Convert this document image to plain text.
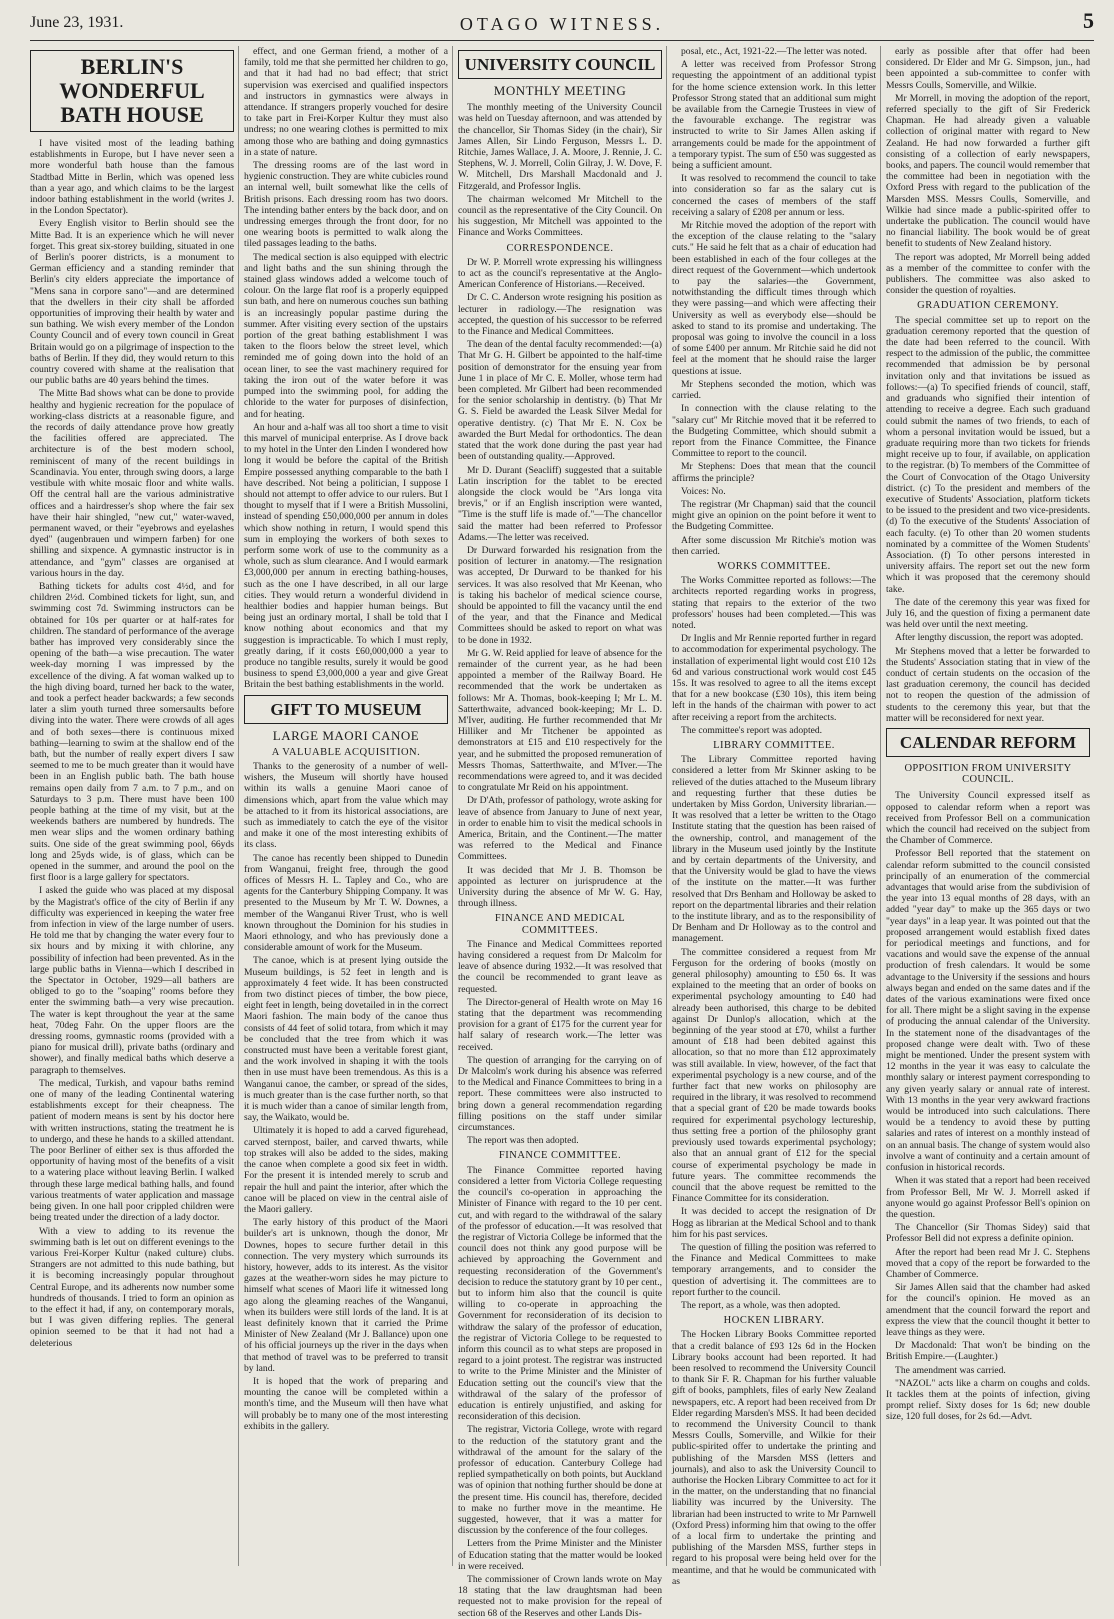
June 23, 1931.	OTAGO WITNESS.	5
BERLIN'S WONDERFUL BATH HOUSE

I have visited most of the leading bathing establishments in Europe, but I have never seen a more wonderful bath house than the famous Stadtbad Mitte in Berlin, which was opened less than a year ago, and which claims to be the largest indoor bathing establishment in the world (writes J. in the London Spectator).

Every English visitor to Berlin should see the Mitte Bad. It is an experience which he will never forget. This great six-storey building, situated in one of Berlin's poorer districts, is a monument to German efficiency and a standing reminder that Berlin's city elders appreciate the importance of "Mens sana in corpore sano"—and are determined that the dwellers in their city shall be afforded opportunities of improving their health by water and sun bathing. We wish every member of the London County Council and of every town council in Great Britain would go on a pilgrimage of inspection to the baths of Berlin. If they did, they would return to this country covered with shame at the realisation that our public baths are 40 years behind the times.

The Mitte Bad shows what can be done to provide healthy and hygienic recreation for the populace of working-class districts at a reasonable figure, and the records of daily attendance prove how greatly the facilities offered are appreciated. The architecture is of the best modern school, reminiscent of many of the recent buildings in Scandinavia. You enter, through swing doors, a large vestibule with white mosaic floor and white walls. Off the central hall are the various administrative offices and a hairdresser's shop where the fair sex have their hair shingled, "new cut," water-waved, permanent waved, or their "eyebrows and eyelashes dyed" (augenbrauen und wimpern farben) for one shilling and sixpence. A gymnastic instructor is in attendance, and "gym" classes are organised at various hours in the day.

Bathing tickets for adults cost 4½d, and for children 2½d. Combined tickets for light, sun, and swimming cost 7d. Swimming instructors can be obtained for 10s per quarter or at half-rates for children. The standard of performance of the average bather has improved very considerably since the opening of the bath—a wise precaution. The water week-day morning I was impressed by the excellence of the diving. A fat woman walked up to the high diving board, turned her back to the water, and took a perfect header backwards; a few seconds later a slim youth turned three somersaults before diving into the water. There were crowds of all ages and of both sexes—there is continuous mixed bathing—learning to swim at the shallow end of the bath, but the number of really expert divers I saw seemed to me to be much greater than it would have been in an English public bath. The bath house remains open daily from 7 a.m. to 7 p.m., and on Saturdays to 3 p.m. There must have been 100 people bathing at the time of my visit, but at the weekends bathers are numbered by hundreds. The men wear slips and the women ordinary bathing suits. One side of the great swimming pool, 66yds long and 25yds wide, is of glass, which can be opened in the summer, and around the pool on the first floor is a large gallery for spectators.

I asked the guide who was placed at my disposal by the Magistrat's office of the city of Berlin if any difficulty was experienced in keeping the water free from infection in view of the large number of users. He told me that by changing the water every four to six hours and by mixing it with chlorine, any possibility of infection had been prevented. As in the large public baths in Vienna—which I described in the Spectator in October, 1929—all bathers are obliged to go to the "soaping" rooms before they enter the swimming bath—a very wise precaution. The water is kept throughout the year at the same heat, 70deg Fahr. On the upper floors are the dressing rooms, gymnastic rooms (provided with a piano for musical drill), private baths (ordinary and shower), and finally medical baths which deserve a paragraph to themselves.

The medical, Turkish, and vapour baths remind one of many of the leading Continental watering establishments except for their cheapness. The patient of modern means is sent by his doctor here with written instructions, stating the treatment he is to undergo, and these he hands to a skilled attendant. The poor Berliner of either sex is thus afforded the opportunity of having most of the benefits of a visit to a watering place without leaving Berlin. I walked through these large medical bathing halls, and found various treatments of water application and massage being given. In one hall poor crippled children were being treated under the direction of a lady doctor.

With a view to adding to its revenue the swimming bath is let out on different evenings to the various Frei-Korper Kultur (naked culture) clubs. Strangers are not admitted to this nude bathing, but it is becoming increasingly popular throughout Central Europe, and its adherents now number some hundreds of thousands. I tried to form an opinion as to the effect it had, if any, on contemporary morals, but I was given differing replies. The general opinion seemed to be that it had not had a deleterious

effect, and one German friend, a mother of a family, told me that she permitted her children to go, and that it had had no bad effect; that strict supervision was exercised and qualified inspectors and instructors in gymnastics were always in attendance. If strangers properly vouched for desire to take part in Frei-Korper Kultur they must also undress; no one wearing clothes is permitted to mix among those who are bathing and doing gymnastics in a state of nature.

The dressing rooms are of the last word in hygienic construction. They are white cubicles round an internal well, built somewhat like the cells of British prisons. Each dressing room has two doors. The intending bather enters by the back door, and on undressing emerges through the front door, for no one wearing boots is permitted to walk along the tiled passages leading to the baths.

The medical section is also equipped with electric and light baths and the sun shining through the stained glass windows added a welcome touch of colour. On the large flat roof is a properly equipped sun bath, and here on numerous couches sun bathing is an increasingly popular pastime during the summer. After visiting every section of the upstairs portion of the great bathing establishment I was taken to the floors below the street level, which reminded me of going down into the hold of an ocean liner, to see the vast machinery required for taking the iron out of the water before it was pumped into the swimming pool, for adding the chloride to the water for purposes of disinfection, and for heating.

An hour and a-half was all too short a time to visit this marvel of municipal enterprise. As I drove back to my hotel in the Unter den Linden I wondered how long it would be before the capital of the British Empire possessed anything comparable to the bath I have described. Not being a politician, I suppose I should not attempt to offer advice to our rulers. But I thought to myself that if I were a British Mussolini, instead of spending £50,000,000 per annum in doles which show nothing in return, I would spend this sum in employing the workers of both sexes to perform some work of use to the community as a whole, such as slum clearance. And I would earmark £3,000,000 per annum in erecting bathing-houses, such as the one I have described, in all our large cities. They would return a wonderful dividend in healthier bodies and happier human beings. But being just an ordinary mortal, I shall be told that I know nothing about economics and that my suggestion is impracticable. To which I must reply, greatly daring, if it costs £60,000,000 a year to produce no tangible results, surely it would be good business to spend £3,000,000 a year and give Great Britain the best bathing establishments in the world.

GIFT TO MUSEUM
LARGE MAORI CANOE
A VALUABLE ACQUISITION.

Thanks to the generosity of a number of well-wishers, the Museum will shortly have housed within its walls a genuine Maori canoe of dimensions which, apart from the value which may be attached to it from its historical associations, are such as immediately to catch the eye of the visitor and make it one of the most interesting exhibits of its class.

The canoe has recently been shipped to Dunedin from Wanganui, freight free, through the good offices of Messrs H. L. Tapley and Co., who are agents for the Canterbury Shipping Company. It was presented to the Museum by Mr T. W. Downes, a member of the Wanganui River Trust, who is well known throughout the Dominion for his studies in Maori ethnology, and who has previously done a considerable amount of work for the Museum.

The canoe, which is at present lying outside the Museum buildings, is 52 feet in length and is approximately 4 feet wide. It has been constructed from two distinct pieces of timber, the bow piece, eight feet in length, being dovetailed in in the correct Maori fashion. The main body of the canoe thus consists of 44 feet of solid totara, from which it may be concluded that the tree from which it was constructed must have been a veritable forest giant, and the work involved in shaping it with the tools then in use must have been tremendous. As this is a Wanganui canoe, the camber, or spread of the sides, is much greater than is the case further north, so that it is much wider than a canoe of similar length from, say, the Waikato, would be.

Ultimately it is hoped to add a carved figurehead, carved sternpost, bailer, and carved thwarts, while top strakes will also be added to the sides, making the canoe when complete a good six feet in width. For the present it is intended merely to scrub and repair the hull and paint the interior, after which the canoe will be placed on view in the central aisle of the Maori gallery.

The early history of this product of the Maori builder's art is unknown, though the donor, Mr Downes, hopes to secure further detail in this connection. The very mystery which surrounds its history, however, adds to its interest. As the visitor gazes at the weather-worn sides he may picture to himself what scenes of Maori life it witnessed long ago along the gleaming reaches of the Wanganui, when its builders were still lords of the land. It is at least definitely known that it carried the Prime Minister of New Zealand (Mr J. Ballance) upon one of his official journeys up the river in the days when that method of travel was to be preferred to transit by land.

It is hoped that the work of preparing and mounting the canoe will be completed within a month's time, and the Museum will then have what will probably be to many one of the most interesting exhibits in the gallery.

UNIVERSITY COUNCIL
MONTHLY MEETING

The monthly meeting of the University Council was held on Tuesday afternoon, and was attended by the chancellor, Sir Thomas Sidey (in the chair), Sir James Allen, Sir Lindo Ferguson, Messrs L. D. Ritchie, James Wallace, J. A. Moore, J. Rennie, J. C. Stephens, W. J. Morrell, Colin Gilray, J. W. Dove, F. W. Mitchell, Drs Marshall Macdonald and J. Fitzgerald, and Professor Inglis.

The chairman welcomed Mr Mitchell to the council as the representative of the City Council. On his suggestion, Mr Mitchell was appointed to the Finance and Works Committees.

CORRESPONDENCE.

Dr W. P. Morrell wrote expressing his willingness to act as the council's representative at the Anglo-American Conference of Historians.—Received.

Dr C. C. Anderson wrote resigning his position as lecturer in radiology.—The resignation was accepted, the question of his successor to be referred to the Finance and Medical Committees.

The dean of the dental faculty recommended:—(a) That Mr G. H. Gilbert be appointed to the half-time position of demonstrator for the ensuing year from June 1 in place of Mr C. E. Moller, whose term had been completed. Mr Gilbert had been recommended for the senior scholarship in dentistry. (b) That Mr G. S. Field be awarded the Leask Silver Medal for operative dentistry. (c) That Mr E. N. Cox be awarded the Burt Medal for orthodontics. The dean stated that the work done during the past year had been of outstanding quality.—Approved.

Mr D. Durant (Seacliff) suggested that a suitable Latin inscription for the tablet to be erected alongside the clock would be "Ars longa vita brevis," or if an English inscription were wanted, "Time is the stuff life is made of."—The chancellor said the matter had been referred to Professor Adams.—The letter was received.

Dr Durward forwarded his resignation from the position of lecturer in anatomy.—The resignation was accepted, Dr Durward to be thanked for his services. It was also resolved that Mr Keenan, who is taking his bachelor of medical science course, should be appointed to fill the vacancy until the end of the year, and that the Finance and Medical Committees should be asked to report on what was to be done in 1932.

Mr G. W. Reid applied for leave of absence for the remainder of the current year, as he had been appointed a member of the Railway Board. He recommended that the work be undertaken as follows: Mr A. Thomas, book-keeping I; Mr L. M. Satterthwaite, advanced book-keeping; Mr L. D. M'Iver, auditing. He further recommended that Mr Hilliker and Mr Titchener be appointed as demonstrators at £15 and £10 respectively for the year, and he submitted the proposed remuneration of Messrs Thomas, Satterthwaite, and M'Iver.—The recommendations were agreed to, and it was decided to congratulate Mr Reid on his appointment.

Dr D'Ath, professor of pathology, wrote asking for leave of absence from January to June of next year, in order to enable him to visit the medical schools in America, Britain, and the Continent.—The matter was referred to the Medical and Finance Committees.

It was decided that Mr J. B. Thomson be appointed as lecturer on jurisprudence at the University during the absence of Mr W. G. Hay, through illness.

FINANCE AND MEDICAL COMMITTEES.

The Finance and Medical Committees reported having considered a request from Dr Malcolm for leave of absence during 1932.—It was resolved that the council be recommended to grant leave as requested.

The Director-general of Health wrote on May 16 stating that the department was recommending provision for a grant of £175 for the current year for half salary of research work.—The letter was received.

The question of arranging for the carrying on of Dr Malcolm's work during his absence was referred to the Medical and Finance Committees to bring in a report. These committees were also instructed to bring down a general recommendation regarding filling positions on the staff under similar circumstances.

The report was then adopted.

FINANCE COMMITTEE.

The Finance Committee reported having considered a letter from Victoria College requesting the council's co-operation in approaching the Minister of Finance with regard to the 10 per cent. cut, and with regard to the withdrawal of the salary of the professor of education.—It was resolved that the registrar of Victoria College be informed that the council does not think any good purpose will be achieved by approaching the Government and requesting reconsideration of the Government's decision to reduce the statutory grant by 10 per cent., but to inform him also that the council is quite willing to co-operate in approaching the Government for reconsideration of its decision to withdraw the salary of the professor of education, the registrar of Victoria College to be requested to inform this council as to what steps are proposed in regard to a joint protest. The registrar was instructed to write to the Prime Minister and the Minister of Education setting out the council's view that the withdrawal of the salary of the professor of education is entirely unjustified, and asking for reconsideration of this decision.

The registrar, Victoria College, wrote with regard to the reduction of the statutory grant and the withdrawal of the amount for the salary of the professor of education. Canterbury College had replied sympathetically on both points, but Auckland was of opinion that nothing further should be done at the present time. His council has, therefore, decided to make no further move in the meantime. He suggested, however, that it was a matter for discussion by the conference of the four colleges.

Letters from the Prime Minister and the Minister of Education stating that the matter would be looked in were received.

The commissioner of Crown lands wrote on May 18 stating that the law draughtsman had been requested not to make provision for the repeal of section 68 of the Reserves and other Lands Dis-

posal, etc., Act, 1921-22.—The letter was noted.

A letter was received from Professor Strong requesting the appointment of an additional typist for the home science extension work. In this letter Professor Strong stated that an additional sum might be available from the Carnegie Trustees in view of the favourable exchange. The registrar was instructed to write to Sir James Allen asking if arrangements could be made for the appointment of a temporary typist. The sum of £50 was suggested as being a sufficient amount.

It was resolved to recommend the council to take into consideration so far as the salary cut is concerned the cases of members of the staff receiving a salary of £208 per annum or less.

Mr Ritchie moved the adoption of the report with the exception of the clause relating to the "salary cuts." He said he felt that as a chair of education had been established in each of the four colleges at the direct request of the Government—which undertook to pay the salaries—the Government, notwithstanding the difficult times through which they were passing—and which were affecting their University as well as everybody else—should be asked to stand to its promise and undertaking. The proposal was going to involve the council in a loss of some £400 per annum. Mr Ritchie said he did not feel at the moment that he should raise the larger questions at issue.

Mr Stephens seconded the motion, which was carried.

In connection with the clause relating to the "salary cut" Mr Ritchie moved that it be referred to the Budgeting Committee, which should submit a report from the Finance Committee, the Finance Committee to report to the council.

Mr Stephens: Does that mean that the council affirms the principle?

Voices: No.

The registrar (Mr Chapman) said that the council might give an opinion on the point before it went to the Budgeting Committee.

After some discussion Mr Ritchie's motion was then carried.

WORKS COMMITTEE.

The Works Committee reported as follows:—The architects reported regarding works in progress, stating that repairs to the exterior of the two professors' houses had been completed.—This was noted.

Dr Inglis and Mr Rennie reported further in regard to accommodation for experimental psychology. The installation of experimental light would cost £10 12s 6d and various constructional work would cost £45 15s. It was resolved to agree to all the items except that for a new bookcase (£30 10s), this item being left in the hands of the chairman with power to act after receiving a report from the architects.

The committee's report was adopted.

LIBRARY COMMITTEE.

The Library Committee reported having considered a letter from Mr Skinner asking to be relieved of the duties attached to the Museum library and requesting further that these duties be undertaken by Miss Gordon, University librarian.—It was resolved that a letter be written to the Otago Institute stating that the question has been raised of the ownership, control, and management of the library in the Museum used jointly by the Institute and by certain departments of the University, and that the University would be glad to have the views of the institute on the matter.—It was further resolved that Drs Benham and Holloway be asked to report on the departmental libraries and their relation to the institute library, and as to the responsibility of Dr Benham and Dr Holloway as to the control and management.

The committee considered a request from Mr Ferguson for the ordering of books (mostly on general philosophy) amounting to £50 6s. It was explained to the meeting that an order of books on experimental psychology amounting to £40 had already been authorised, this charge to be debited against Dr Dunlop's allocation, which at the beginning of the year stood at £70, whilst a further amount of £18 had been debited against this allocation, so that no more than £12 approximately was still available. In view, however, of the fact that experimental psychology is a new course, and of the further fact that new works on philosophy are required in the library, it was resolved to recommend that a special grant of £20 be made towards books required for experimental psychology lectureship, thus setting free a portion of the philosophy grant previously used towards experimental psychology; also that an annual grant of £12 for the special course of experimental psychology be made in future years. The committee recommends the council that the above request be remitted to the Finance Committee for its consideration.

It was decided to accept the resignation of Dr Hogg as librarian at the Medical School and to thank him for his past services.

The question of filling the position was referred to the Finance and Medical Committees to make temporary arrangements, and to consider the question of advertising it. The committees are to report further to the council.

The report, as a whole, was then adopted.

HOCKEN LIBRARY.

The Hocken Library Books Committee reported that a credit balance of £93 12s 6d in the Hocken Library books account had been reported. It had been resolved to recommend the University Council to thank Sir F. R. Chapman for his further valuable gift of books, pamphlets, files of early New Zealand newspapers, etc. A report had been received from Dr Elder regarding Marsden's MSS. It had been decided to recommend the University Council to thank Messrs Coulls, Somerville, and Wilkie for their public-spirited offer to undertake the printing and publishing of the Marsden MSS (letters and journals), and also to ask the University Council to authorise the Hocken Library Committee to act for it in the matter, on the understanding that no financial liability was incurred by the University. The librarian had been instructed to write to Mr Parnwell (Oxford Press) informing him that owing to the offer of a local firm to undertake the printing and publishing of the Marsden MSS, further steps in regard to his proposal were being held over for the meantime, and that he would be communicated with as

early as possible after that offer had been considered. Dr Elder and Mr G. Simpson, jun., had been appointed a sub-committee to confer with Messrs Coulls, Somerville, and Wilkie.

Mr Morrell, in moving the adoption of the report, referred specially to the gift of Sir Frederick Chapman. He had already given a valuable collection of original matter with regard to New Zealand. He had now forwarded a further gift consisting of a collection of early newspapers, books, and papers. The council would remember that the committee had been in negotiation with the Oxford Press with regard to the publication of the Marsden MSS. Messrs Coulls, Somerville, and Wilkie had since made a public-spirited offer to undertake the publication. The council would have no financial liability. The book would be of great benefit to students of New Zealand history.

The report was adopted, Mr Morrell being added as a member of the committee to confer with the publishers. The committee was also asked to consider the question of royalties.

GRADUATION CEREMONY.

The special committee set up to report on the graduation ceremony reported that the question of the date had been referred to the council. With respect to the admission of the public, the committee recommended that admission be by personal invitation only and that invitations be issued as follows:—(a) To specified friends of council, staff, and graduands who signified their intention of attending to receive a degree. Each such graduand could submit the names of two friends, to each of whom a personal invitation would be issued, but a graduate requiring more than two tickets for friends might receive up to four, if available, on application to the registrar. (b) To members of the Committee of the Court of Convocation of the Otago University district. (c) To the president and members of the executive of Students' Association, platform tickets to be issued to the president and two vice-presidents. (d) To the executive of the Students' Association of each faculty. (e) To other than 20 women students nominated by a committee of the Women Students' Association. (f) To other persons interested in university affairs. The report set out the new form which it was proposed that the ceremony should take.

The date of the ceremony this year was fixed for July 16, and the question of fixing a permanent date was held over until the next meeting.

After lengthy discussion, the report was adopted.

Mr Stephens moved that a letter be forwarded to the Students' Association stating that in view of the conduct of certain students on the occasion of the last graduation ceremony, the council has decided not to reopen the question of the admission of students to the ceremony this year, but that the matter will be reconsidered for next year.

CALENDAR REFORM
OPPOSITION FROM UNIVERSITY COUNCIL.

The University Council expressed itself as opposed to calendar reform when a report was received from Professor Bell on a communication which the council had received on the subject from the Chamber of Commerce.

Professor Bell reported that the statement on calendar reform submitted to the council consisted principally of an enumeration of the commercial advantages that would arise from the subdivision of the year into 13 equal months of 28 days, with an added "year day" to make up the 365 days or two "year days" in a leap year. It was pointed out that the proposed arrangement would establish fixed dates for periodical meetings and functions, and for vacations and would save the expense of the annual production of fresh calendars. It would be some advantage to the University if the sessions and hours always began and ended on the same dates and if the dates of the various examinations were fixed once for all. There might be a slight saving in the expense of producing the annual calendar of the University. In the statement none of the disadvantages of the proposed change were dealt with. Two of these might be mentioned. Under the present system with 12 months in the year it was easy to calculate the monthly salary or interest payment corresponding to any given yearly salary or annual rate of interest. With 13 months in the year very awkward fractions would be introduced into such calculations. There would be a tendency to avoid these by putting salaries and rates of interest on a monthly instead of on an annual basis. The change of system would also involve a want of continuity and a certain amount of confusion in historical records.

When it was stated that a report had been received from Professor Bell, Mr W. J. Morrell asked if anyone would go against Professor Bell's opinion on the question.

The Chancellor (Sir Thomas Sidey) said that Professor Bell did not express a definite opinion.

After the report had been read Mr J. C. Stephens moved that a copy of the report be forwarded to the Chamber of Commerce.

Sir James Allen said that the chamber had asked for the council's opinion. He moved as an amendment that the council forward the report and express the view that the council thought it better to leave things as they were.

Dr Macdonald: That won't be binding on the British Empire.—(Laughter.)

The amendment was carried.

"NAZOL" acts like a charm on coughs and colds. It tackles them at the points of infection, giving prompt relief. Sixty doses for 1s 6d; new double size, 120 full doses, for 2s 6d.—Advt.
